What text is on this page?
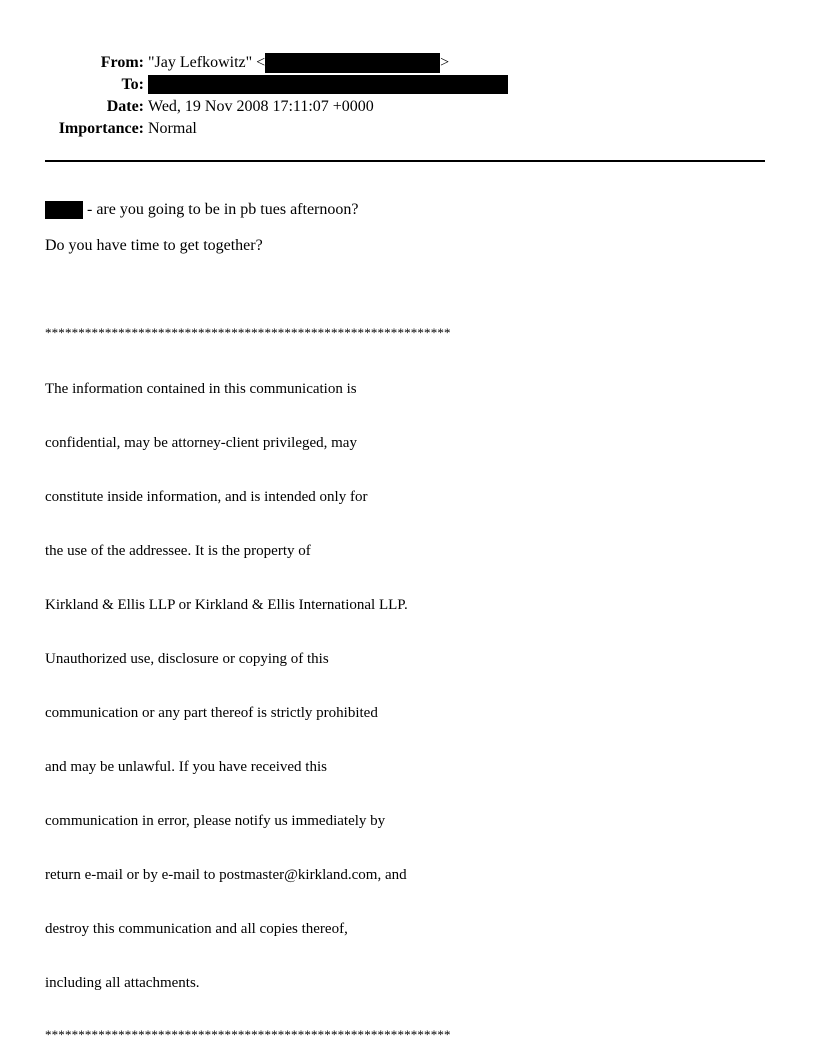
From: "Jay Lefkowitz" <	>
To:
Date: Wed, 19 Nov 2008 17:11:07 +0000
Importance: Normal

- are you going to be in pb tues afternoon?

Do you have time to get together?

*************************************************************

The information contained in this communication is

confidential, may be attorney-client privileged, may

constitute inside information, and is intended only for

the use of the addressee. It is the property of

Kirkland & Ellis LLP or Kirkland & Ellis International LLP.

Unauthorized use, disclosure or copying of this

communication or any part thereof is strictly prohibited

and may be unlawful. If you have received this

communication in error, please notify us immediately by

return e-mail or by e-mail to postmaster@kirkland.com, and

destroy this communication and all copies thereof,

including all attachments.

*************************************************************
